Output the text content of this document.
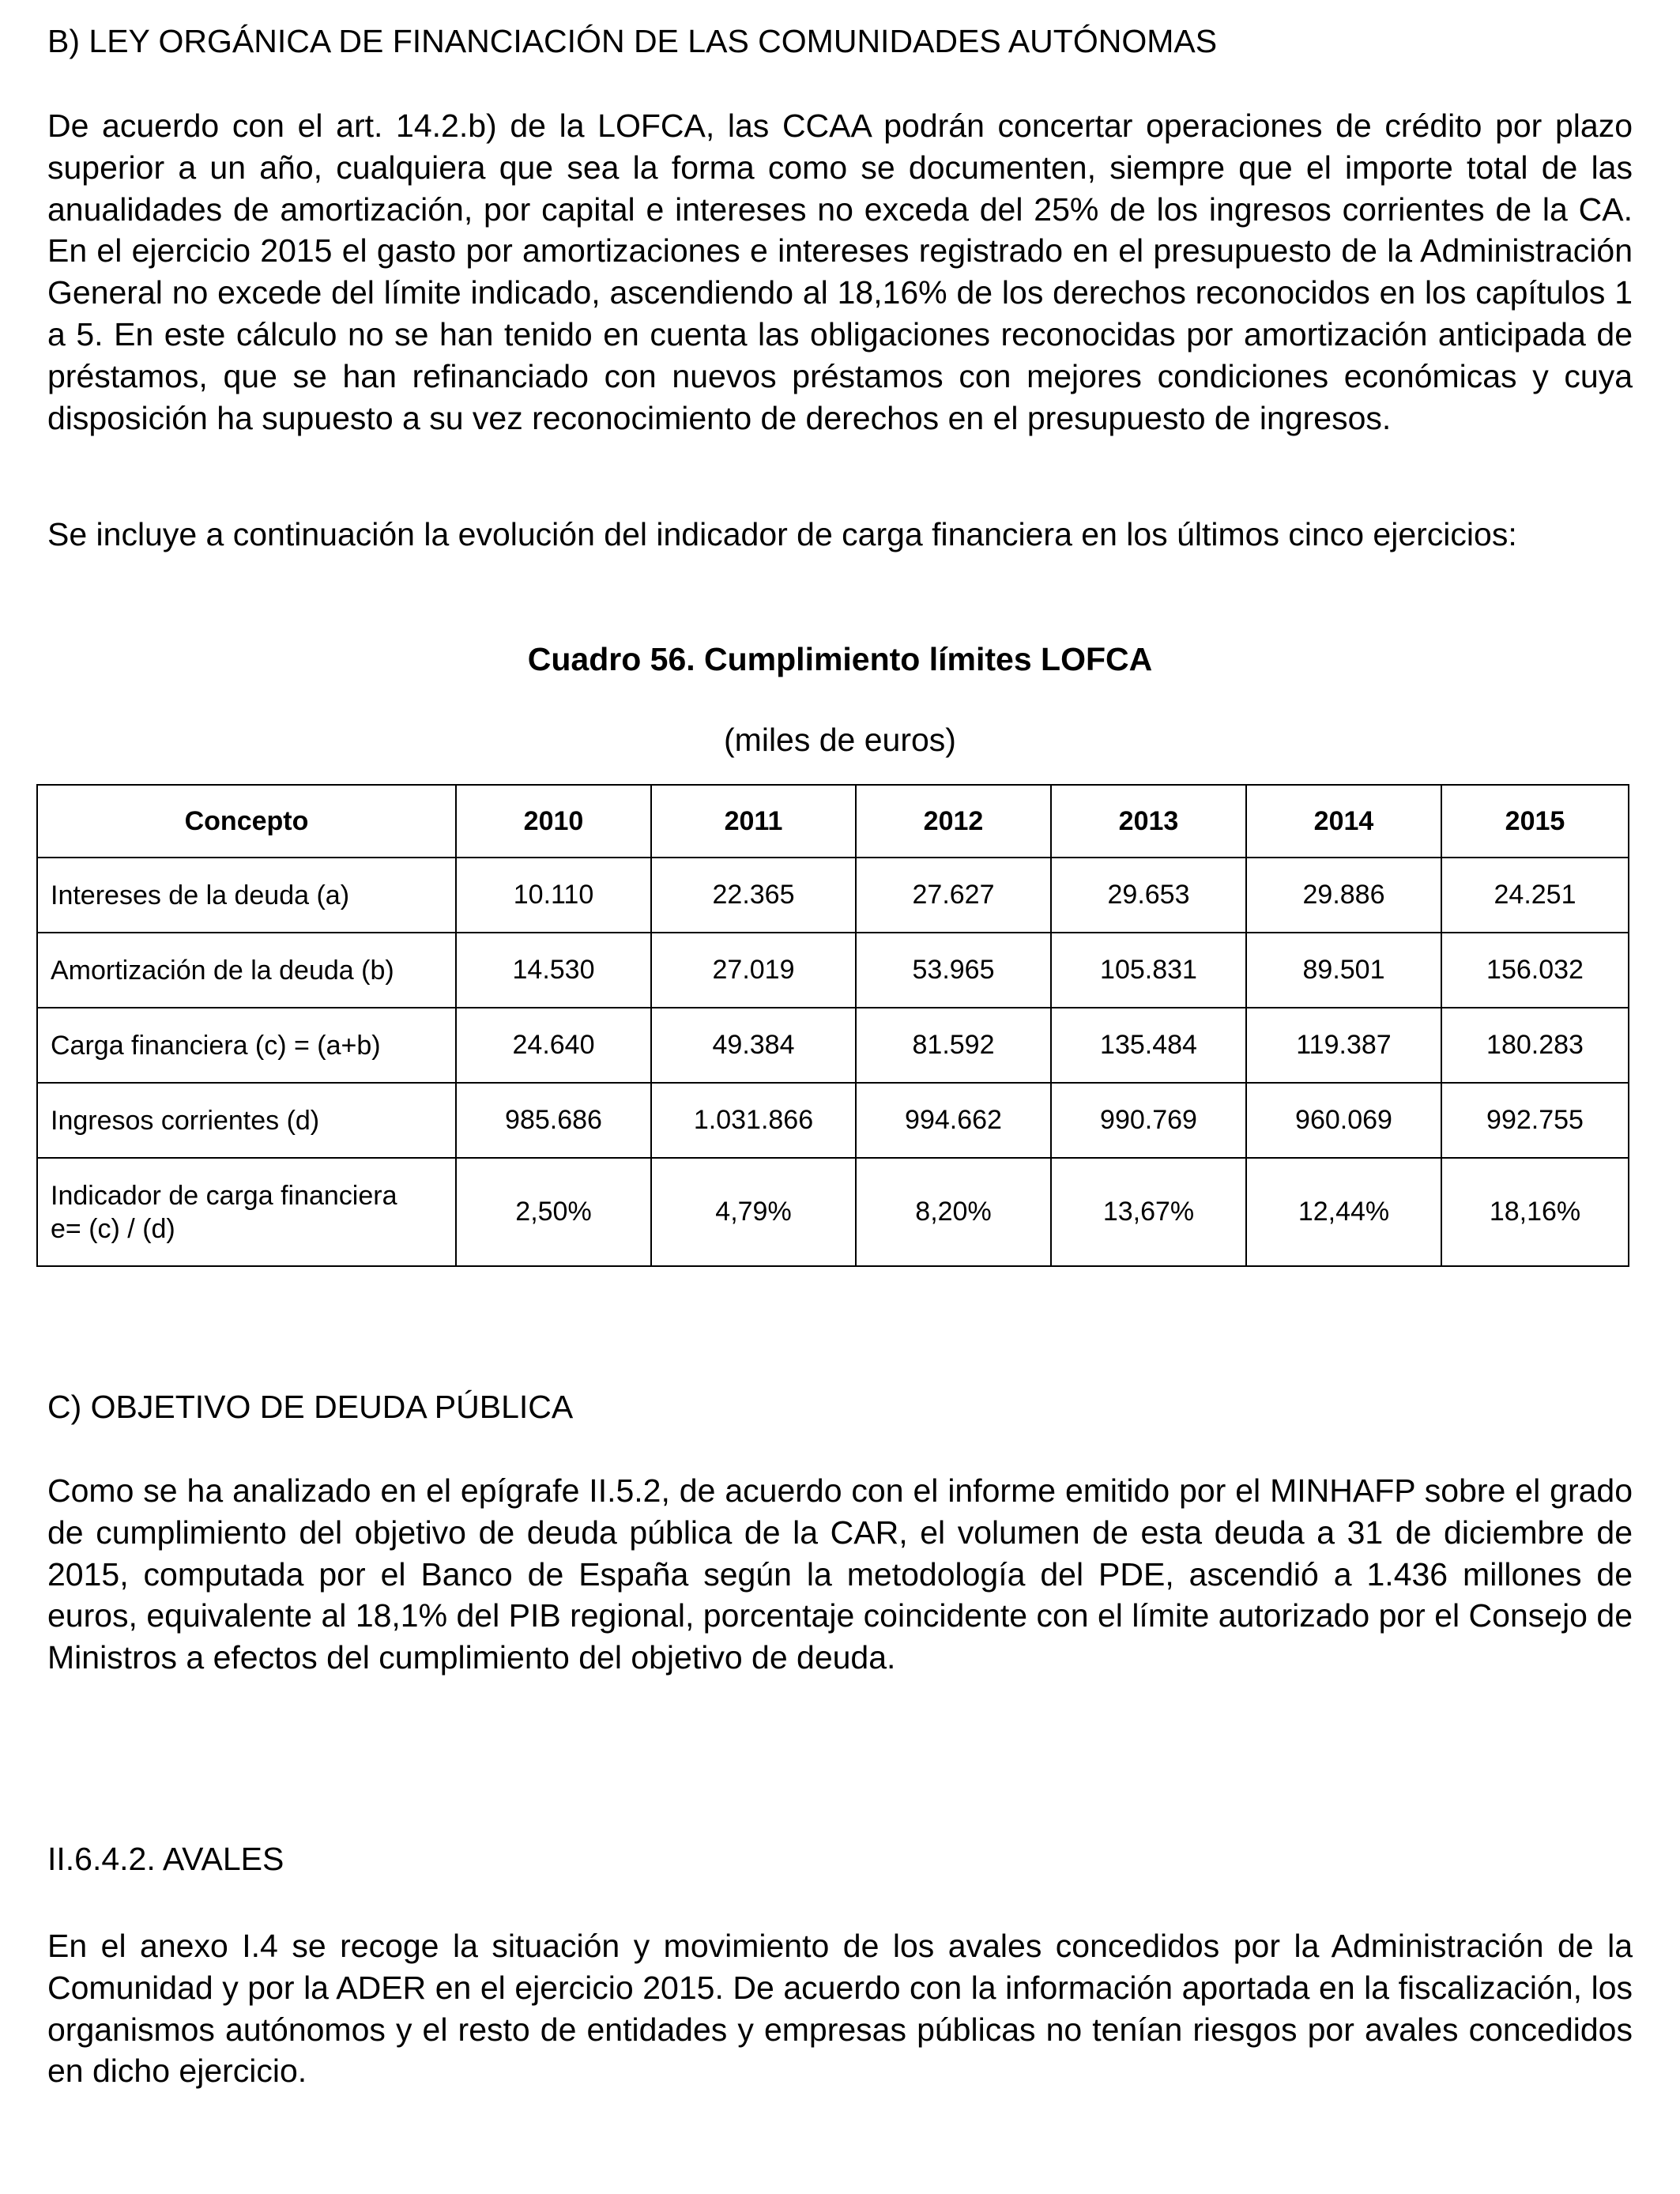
B) LEY ORGÁNICA DE FINANCIACIÓN DE LAS COMUNIDADES AUTÓNOMAS

De acuerdo con el art. 14.2.b) de la LOFCA, las CCAA podrán concertar operaciones de crédito por plazo superior a un año, cualquiera que sea la forma como se documenten, siempre que el importe total de las anualidades de amortización, por capital e intereses no exceda del 25% de los ingresos corrientes de la CA. En el ejercicio 2015 el gasto por amortizaciones e intereses registrado en el presupuesto de la Administración General no excede del límite indicado, ascendiendo al 18,16% de los derechos reconocidos en los capítulos 1 a 5. En este cálculo no se han tenido en cuenta las obligaciones reconocidas por amortización anticipada de préstamos, que se han refinanciado con nuevos préstamos con mejores condiciones económicas y cuya disposición ha supuesto a su vez reconocimiento de derechos en el presupuesto de ingresos.

Se incluye a continuación la evolución del indicador de carga financiera en los últimos cinco ejercicios:

Cuadro 56. Cumplimiento límites LOFCA

(miles de euros)

Concepto	2010	2011	2012	2013	2014	2015
Intereses de la deuda (a)	10.110	22.365	27.627	29.653	29.886	24.251
Amortización de la deuda (b)	14.530	27.019	53.965	105.831	89.501	156.032
Carga financiera (c) = (a+b)	24.640	49.384	81.592	135.484	119.387	180.283
Ingresos corrientes (d)	985.686	1.031.866	994.662	990.769	960.069	992.755
Indicador de carga financiera
e= (c) / (d)	2,50%	4,79%	8,20%	13,67%	12,44%	18,16%
C) OBJETIVO DE DEUDA PÚBLICA

Como se ha analizado en el epígrafe II.5.2, de acuerdo con el informe emitido por el MINHAFP sobre el grado de cumplimiento del objetivo de deuda pública de la CAR, el volumen de esta deuda a 31 de diciembre de 2015, computada por el Banco de España según la metodología del PDE, ascendió a 1.436 millones de euros, equivalente al 18,1% del PIB regional, porcentaje coincidente con el límite autorizado por el Consejo de Ministros a efectos del cumplimiento del objetivo de deuda.

II.6.4.2. AVALES

En el anexo I.4 se recoge la situación y movimiento de los avales concedidos por la Administración de la Comunidad y por la ADER en el ejercicio 2015. De acuerdo con la información aportada en la fiscalización, los organismos autónomos y el resto de entidades y empresas públicas no tenían riesgos por avales concedidos en dicho ejercicio.
